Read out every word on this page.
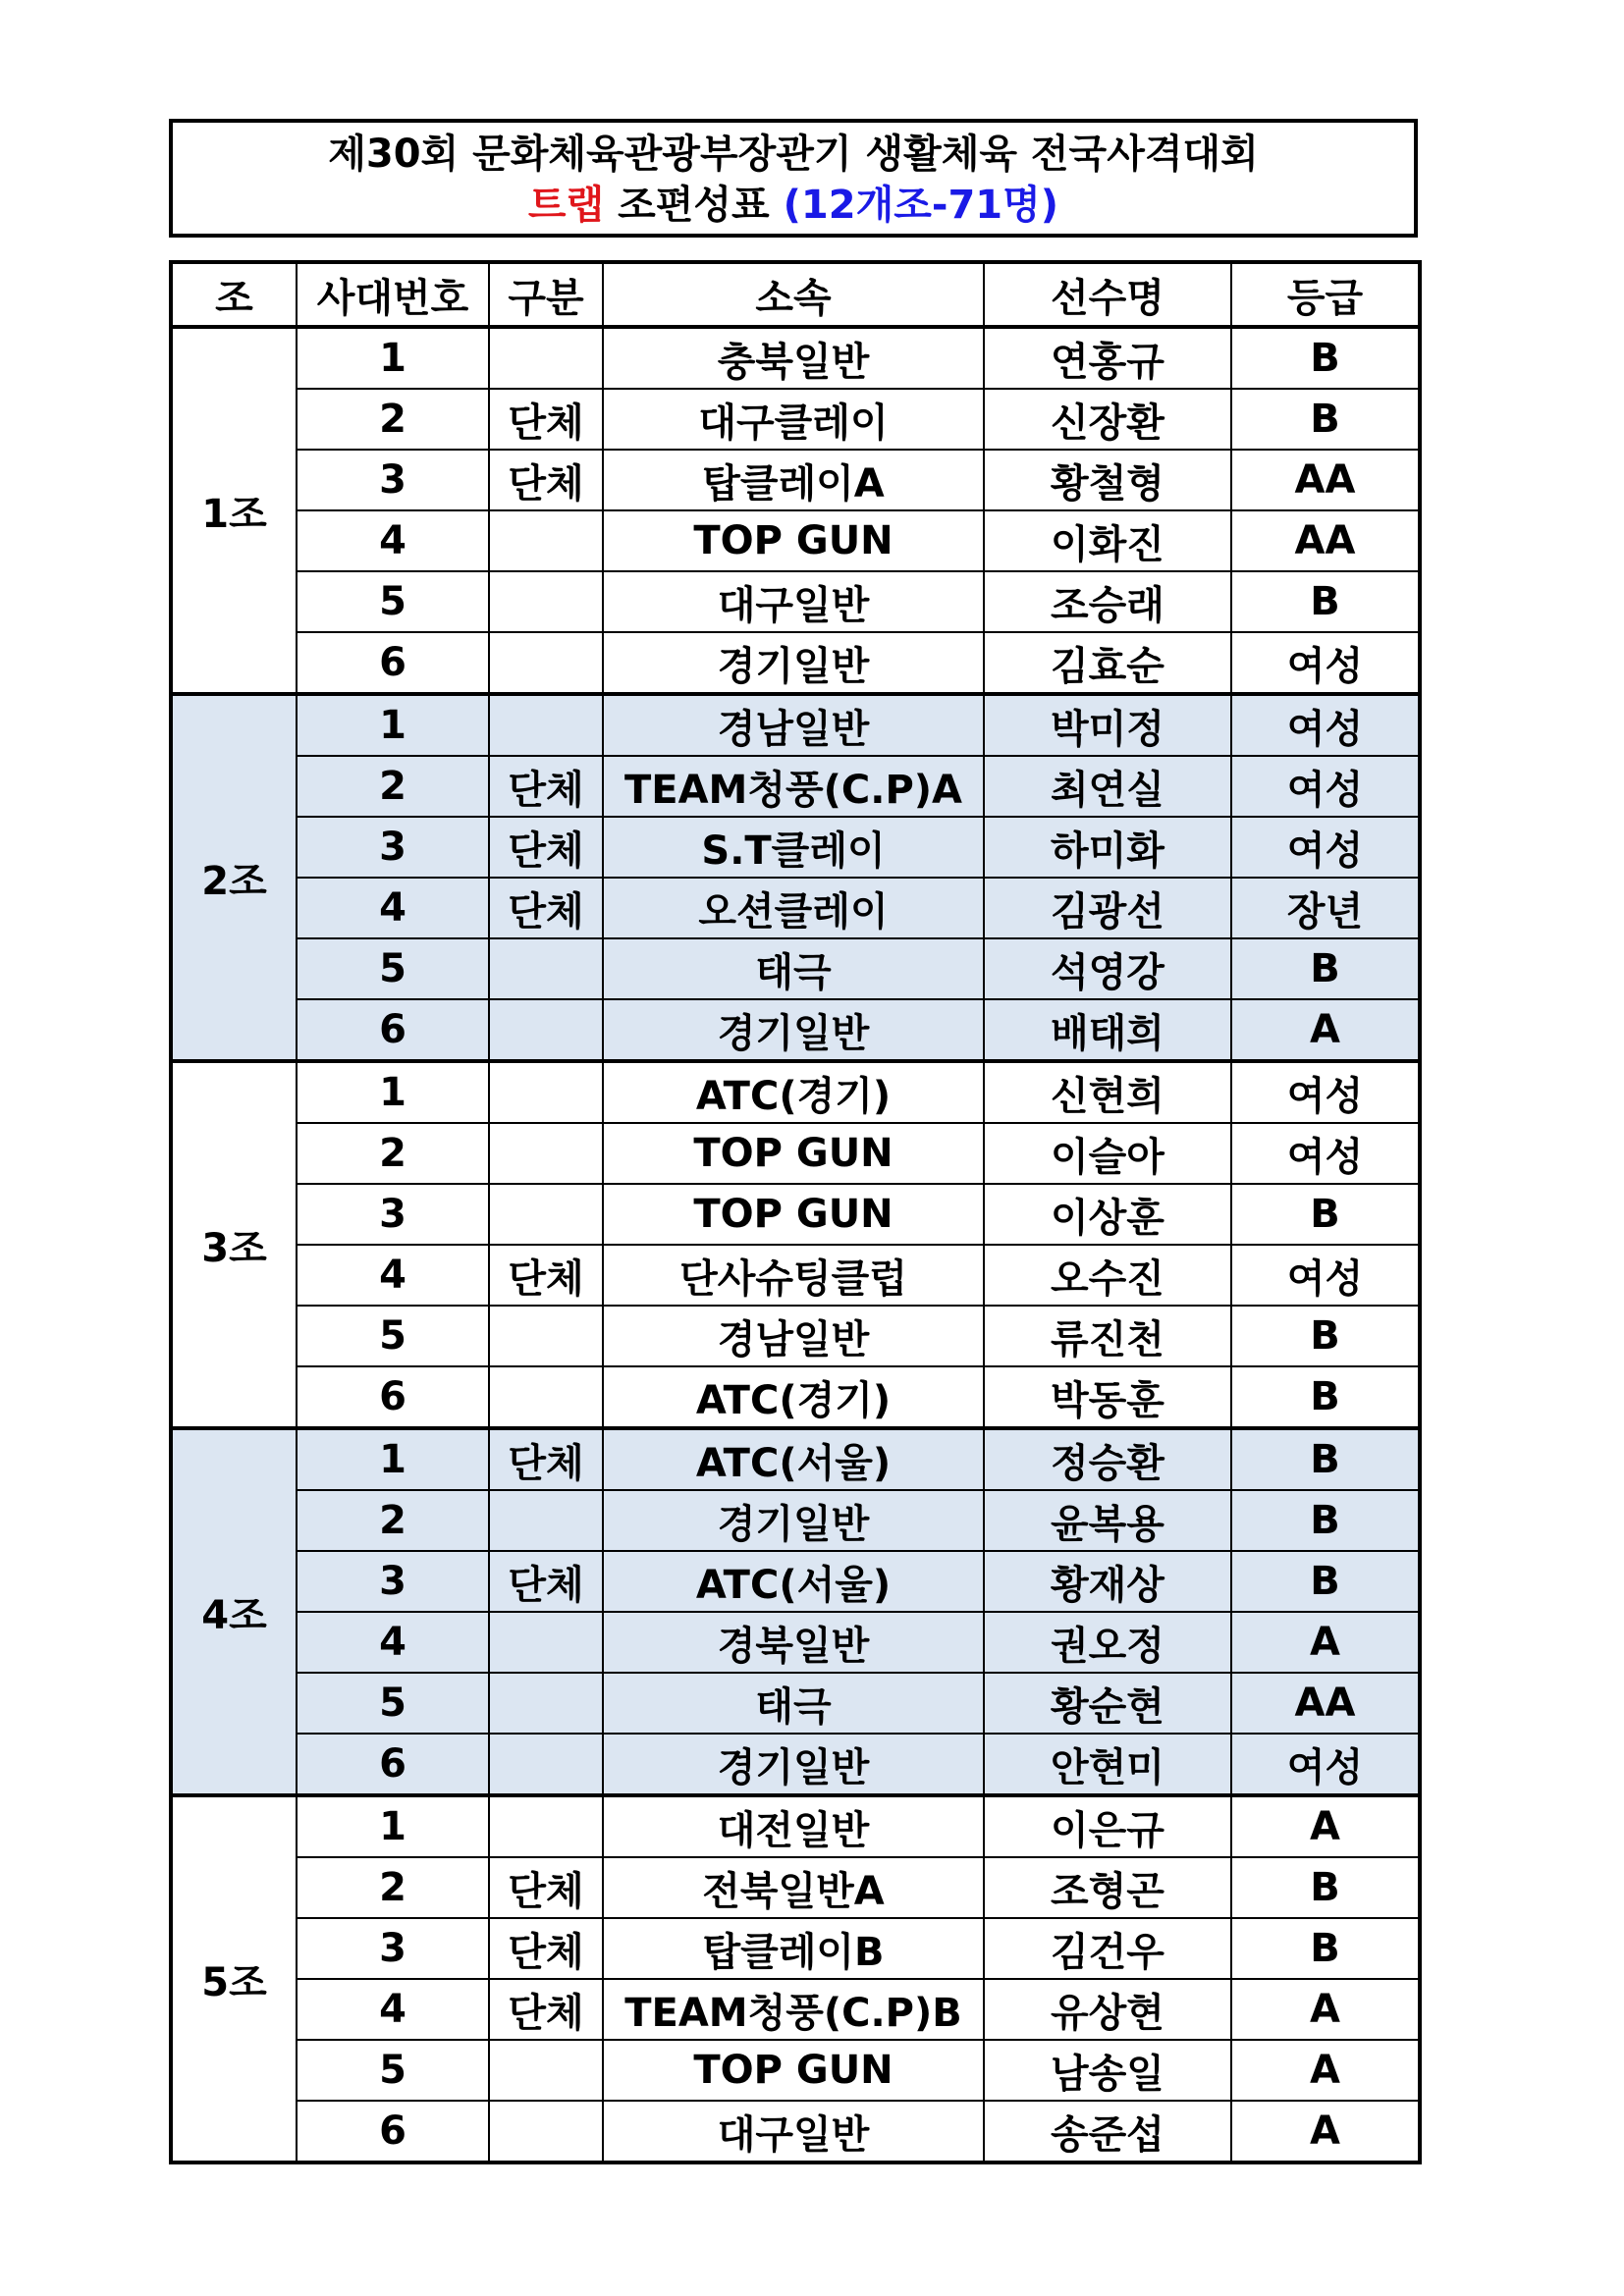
제30회 문화체육관광부장관기 생활체육 전국사격대회
트랩 조편성표 (12개조-71명)
조	사대번호	구분	소속	선수명	등급
1조	1		충북일반	연홍규	B
	2	단체	대구클레이	신장환	B
	3	단체	탑클레이A	황철형	AA
	4		TOP GUN	이화진	AA
	5		대구일반	조승래	B
	6		경기일반	김효순	여성
2조	1		경남일반	박미정	여성
	2	단체	TEAM청풍(C.P)A	최연실	여성
	3	단체	S.T클레이	하미화	여성
	4	단체	오션클레이	김광선	장년
	5		태극	석영강	B
	6		경기일반	배태희	A
3조	1		ATC(경기)	신현희	여성
	2		TOP GUN	이슬아	여성
	3		TOP GUN	이상훈	B
	4	단체	단사슈팅클럽	오수진	여성
	5		경남일반	류진천	B
	6		ATC(경기)	박동훈	B
4조	1	단체	ATC(서울)	정승환	B
	2		경기일반	윤복용	B
	3	단체	ATC(서울)	황재상	B
	4		경북일반	권오정	A
	5		태극	황순현	AA
	6		경기일반	안현미	여성
5조	1		대전일반	이은규	A
	2	단체	전북일반A	조형곤	B
	3	단체	탑클레이B	김건우	B
	4	단체	TEAM청풍(C.P)B	유상현	A
	5		TOP GUN	남송일	A
	6		대구일반	송준섭	A
